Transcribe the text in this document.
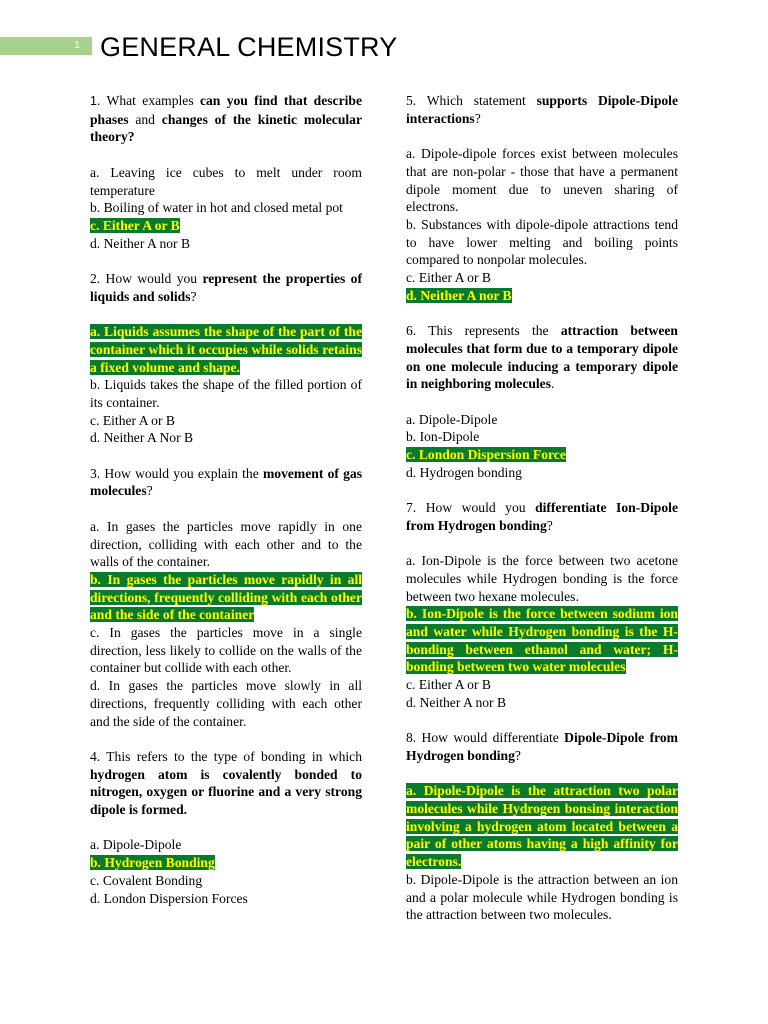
1 GENERAL CHEMISTRY

1. What examples can you find that describe phases and changes of the kinetic molecular theory?

a. Leaving ice cubes to melt under room temperature

b. Boiling of water in hot and closed metal pot

c. Either A or B

d. Neither A nor B

2. How would you represent the properties of liquids and solids?

a. Liquids assumes the shape of the part of the container which it occupies while solids retains a fixed volume and shape.

b. Liquids takes the shape of the filled portion of its container.

c. Either A or B

d. Neither A Nor B

3. How would you explain the movement of gas molecules?

a. In gases the particles move rapidly in one direction, colliding with each other and to the walls of the container.

b. In gases the particles move rapidly in all directions, frequently colliding with each other and the side of the container

c. In gases the particles move in a single direction, less likely to collide on the walls of the container but collide with each other.

d. In gases the particles move slowly in all directions, frequently colliding with each other and the side of the container.

4. This refers to the type of bonding in which hydrogen atom is covalently bonded to nitrogen, oxygen or fluorine and a very strong dipole is formed.

a. Dipole-Dipole

b. Hydrogen Bonding

c. Covalent Bonding

d. London Dispersion Forces

5. Which statement supports Dipole-Dipole interactions?

a. Dipole-dipole forces exist between molecules that are non-polar - those that have a permanent dipole moment due to uneven sharing of electrons.

b. Substances with dipole-dipole attractions tend to have lower melting and boiling points compared to nonpolar molecules.

c. Either A or B

d. Neither A nor B

6. This represents the attraction between molecules that form due to a temporary dipole on one molecule inducing a temporary dipole in neighboring molecules.

a. Dipole-Dipole

b. Ion-Dipole

c. London Dispersion Force

d. Hydrogen bonding

7. How would you differentiate Ion-Dipole from Hydrogen bonding?

a. Ion-Dipole is the force between two acetone molecules while Hydrogen bonding is the force between two hexane molecules.

b. Ion-Dipole is the force between sodium ion and water while Hydrogen bonding is the H-bonding between ethanol and water; H-bonding between two water molecules

c. Either A or B

d. Neither A nor B

8. How would differentiate Dipole-Dipole from Hydrogen bonding?

a. Dipole-Dipole is the attraction two polar molecules while Hydrogen bonsing interaction involving a hydrogen atom located between a pair of other atoms having a high affinity for electrons.

b. Dipole-Dipole is the attraction between an ion and a polar molecule while Hydrogen bonding is the attraction between two molecules.
